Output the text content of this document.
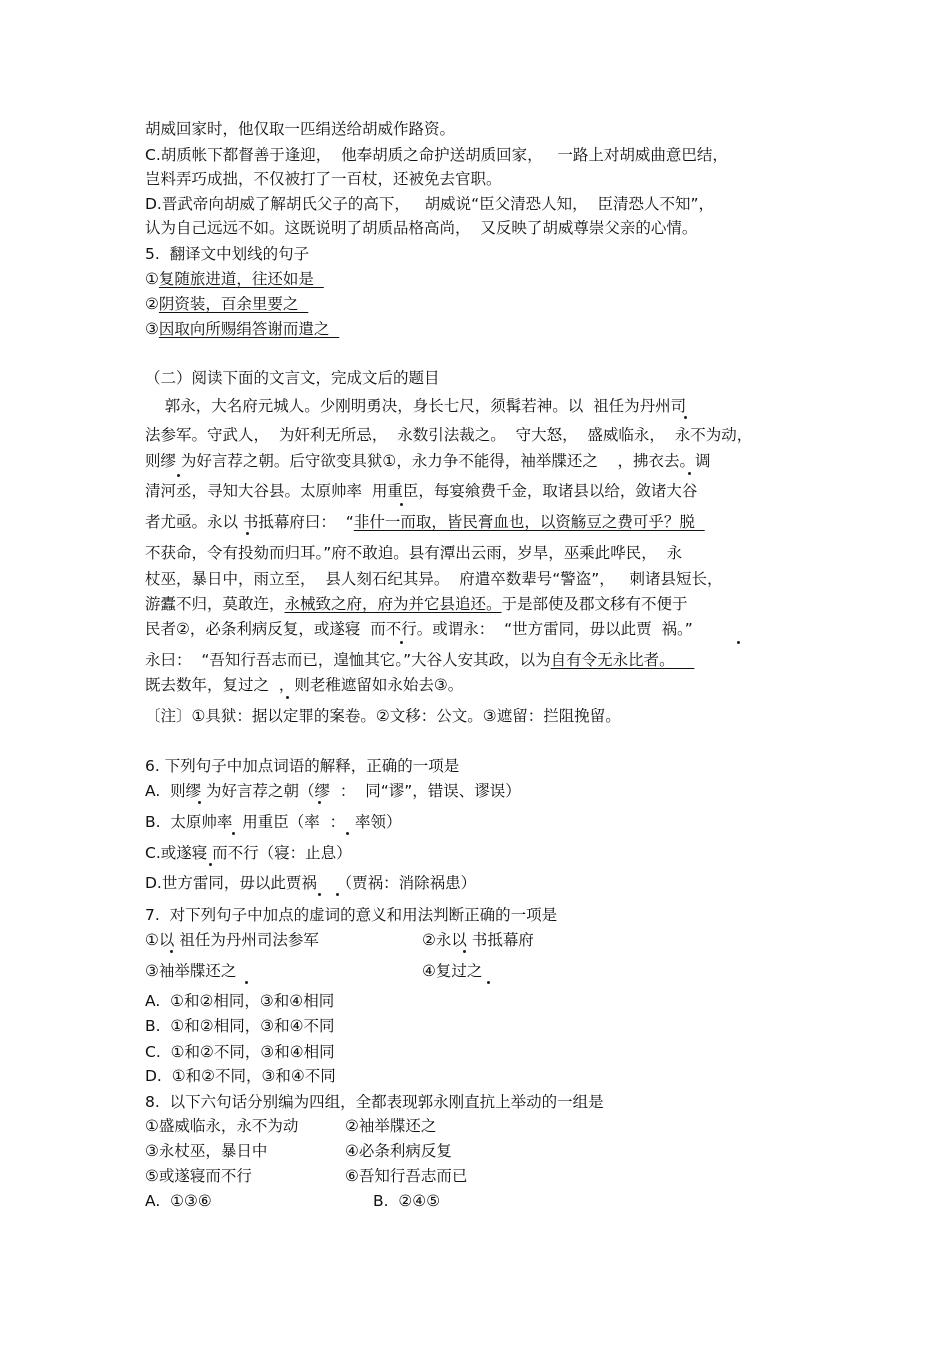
胡威回家时，他仅取一匹绢送给胡威作路资。
C.胡质帐下都督善于逢迎，  他奉胡质之命护送胡质回家，   一路上对胡威曲意巴结，
岂料弄巧成拙，不仅被打了一百杖，还被免去官职。
D.晋武帝向胡威了解胡氏父子的高下，   胡威说“臣父清恐人知，  臣清恐人不知”，
认为自己远远不如。这既说明了胡质品格高尚，  又反映了胡威尊崇父亲的心情。
5.  翻译文中划线的句子
①复随旅进道，往还如是
②阴资装，百余里要之
③因取向所赐绢答谢而遣之
（二）阅读下面的文言文，完成文后的题目
郭永，大名府元城人。少刚明勇决，身长七尺，须髯若神。以  祖任为丹州司
法参军。守武人，  为奸利无所忌，  永数引法裁之。  守大怒，  盛威临永，  永不为动，
则缪 为好言荐之朝。后守欲变具狱①，永力争不能得，袖举牒还之    ，拂衣去。调
清河丞，寻知大谷县。太原帅率  用重臣，每宴飨费千金，取诸县以给，敛诸大谷
者尤亟。永以 书抵幕府曰：  “非什一而取，皆民膏血也，以资觞豆之费可乎？脱
不获命，令有投劾而归耳。”府不敢迫。县有潭出云雨，岁旱，巫乘此哗民，  永
杖巫，暴日中，雨立至，  县人刻石纪其异。  府遣卒数辈号“警盗”，   刺诸县短长，
游蠹不归，莫敢迕，永械致之府，府为并它县追还。于是部使及郡文移有不便于
民者②，必条利病反复，或遂寝  而不行。或谓永：  “世方雷同，毋以此贾  祸。”
永曰：  “吾知行吾志而已，遑恤其它。”大谷人安其政，以为自有令无永比者。
既去数年，复过之  ，则老稚遮留如永始去③。
〔注〕①具狱：据以定罪的案卷。②文移：公文。③遮留：拦阻挽留。
6. 下列句子中加点词语的解释，正确的一项是
A.  则缪 为好言荐之朝（缪  ：  同“谬”，错误、谬误）
B.  太原帅率  用重臣（率  ：  率领）
C.或遂寝 而不行（寝：止息）
D.世方雷同，毋以此贾祸    （贾祸：消除祸患）
7.  对下列句子中加点的虚词的意义和用法判断正确的一项是
①以 祖任为丹州司法参军	②永以 书抵幕府
③袖举牒还之	④复过之
A.  ①和②相同，③和④相同
B.  ①和②相同，③和④不同
C.  ①和②不同，③和④相同
D.  ①和②不同，③和④不同
8.  以下六句话分别编为四组，全都表现郭永刚直抗上举动的一组是
①盛威临永，永不为动	②袖举牒还之
③永杖巫，暴日中	④必条利病反复
⑤或遂寝而不行	⑥吾知行吾志而已
A.  ①③⑥	B.  ②④⑤
